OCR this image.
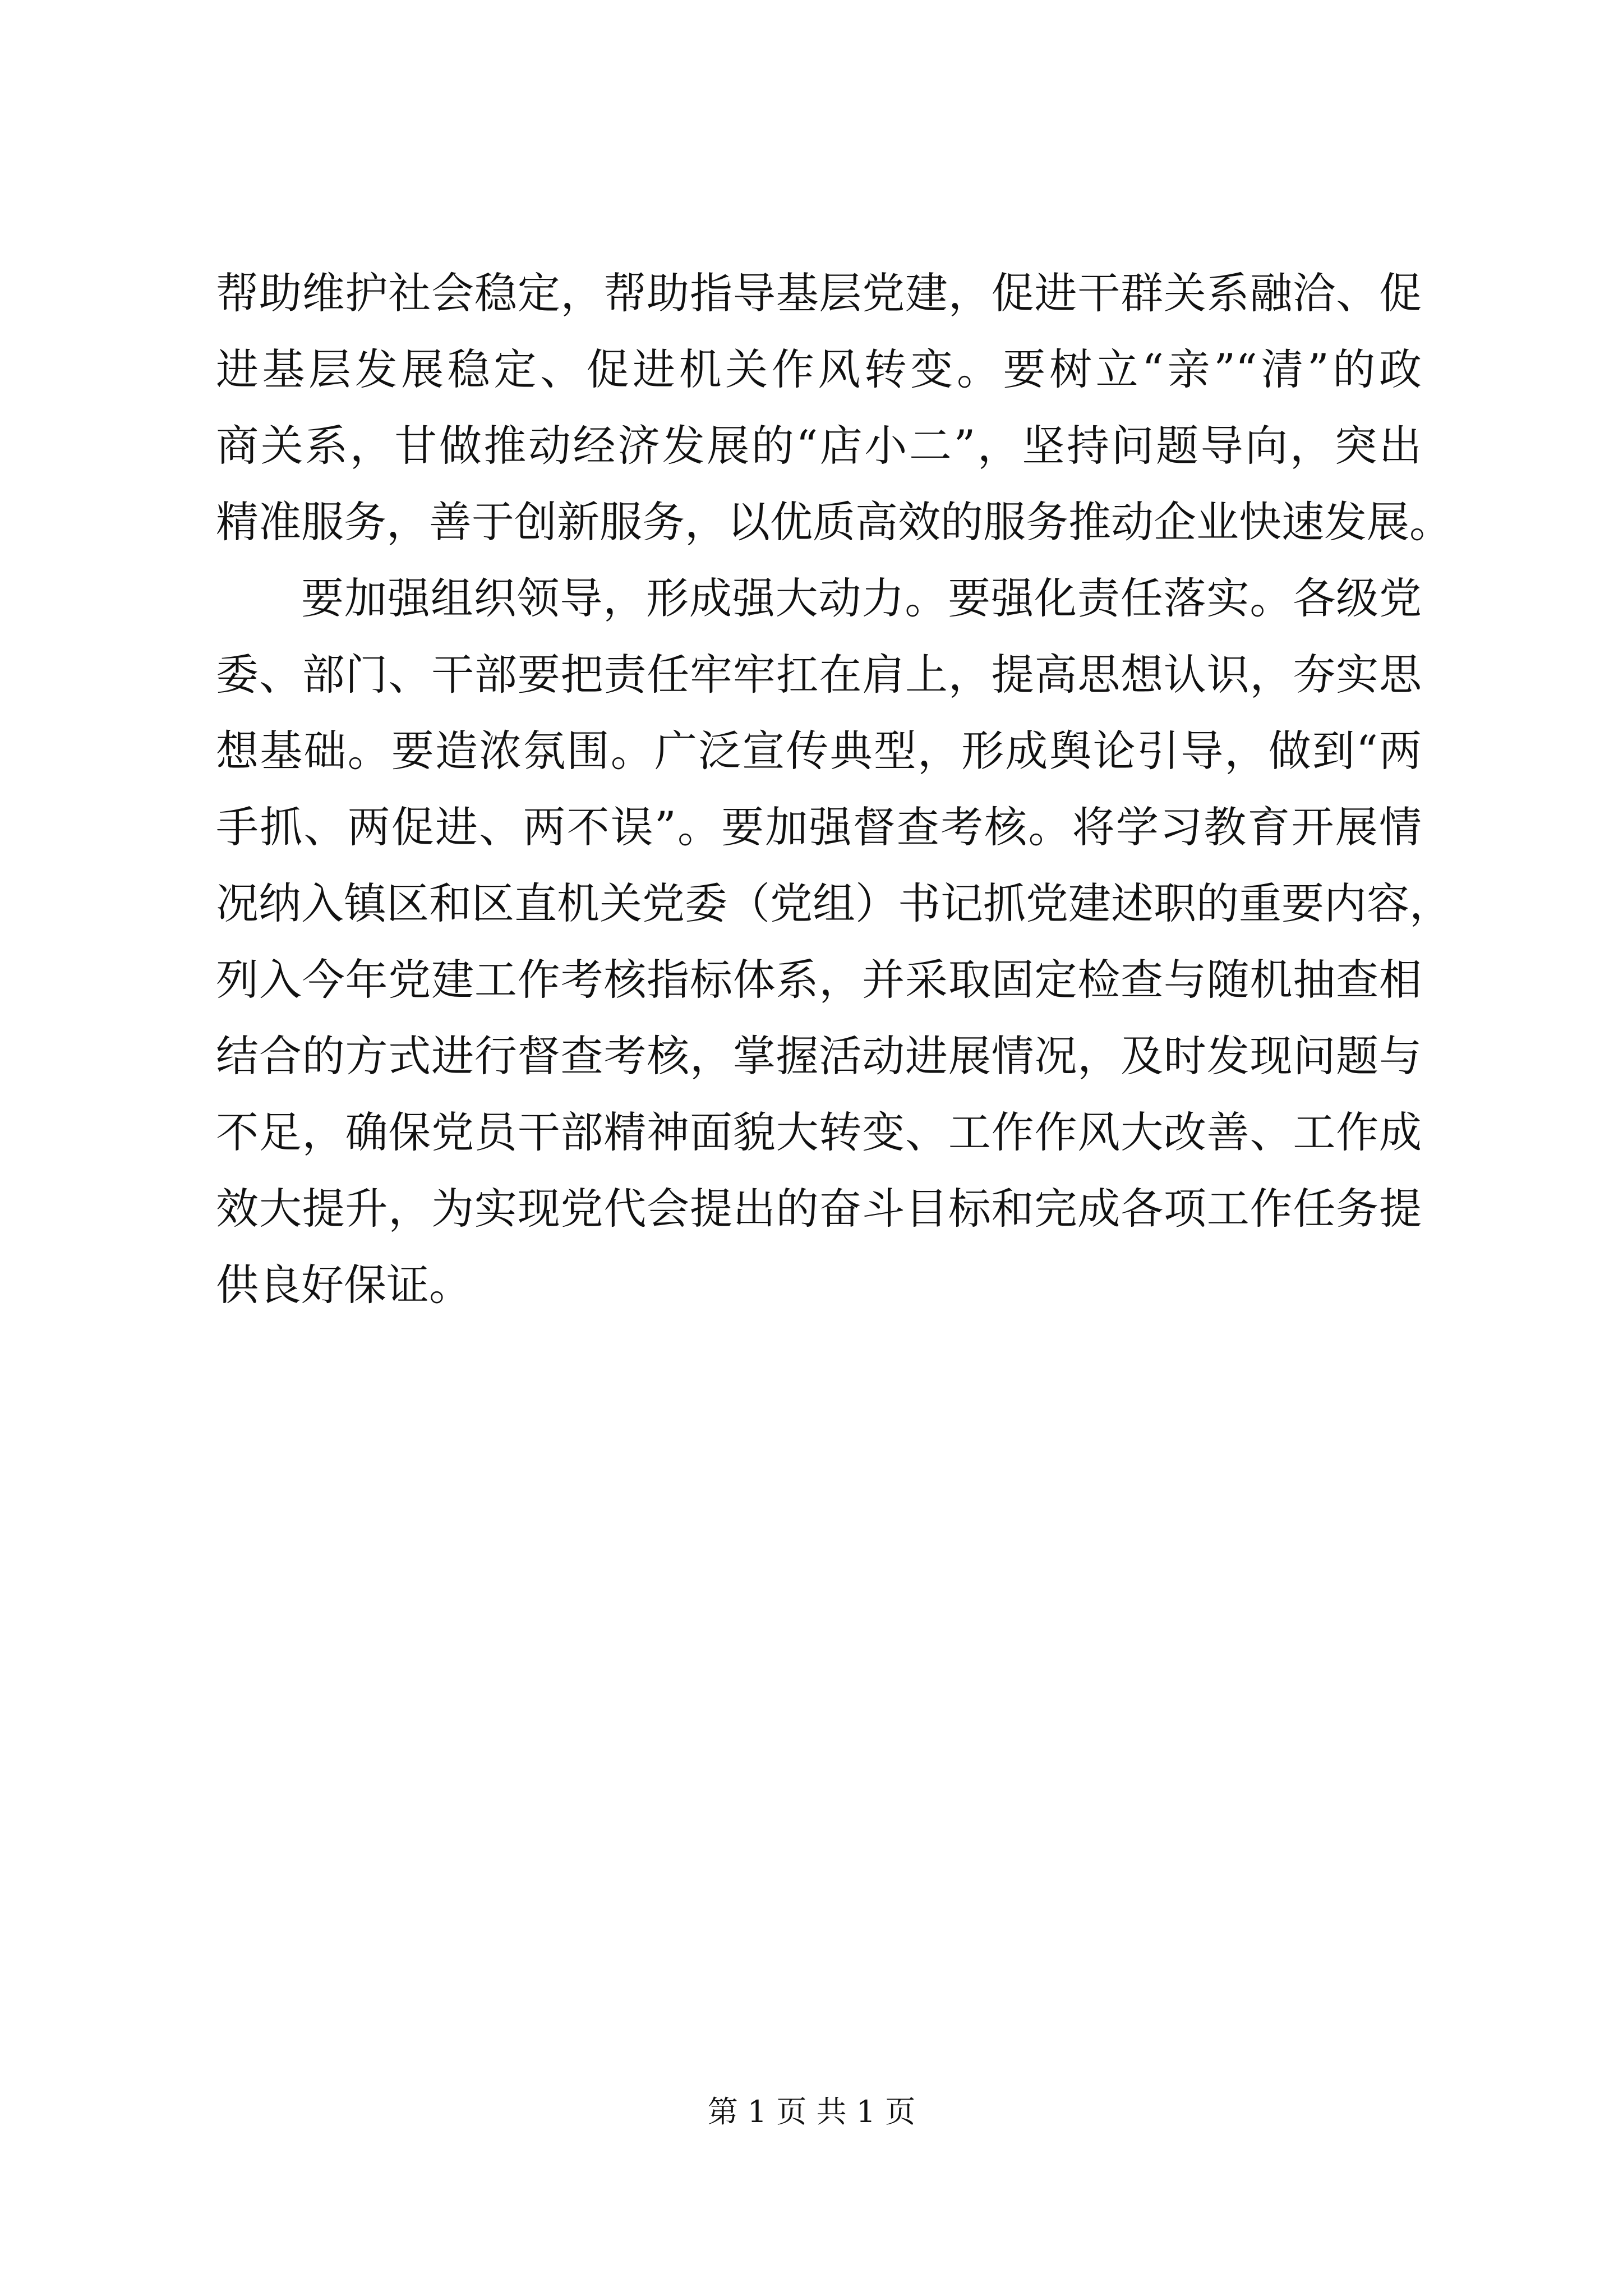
帮助维护社会稳定，帮助指导基层党建，促进干群关系融洽、促
进基层发展稳定、促进机关作风转变。要树立“亲”“清”的政
商关系，甘做推动经济发展的“店小二”，坚持问题导向，突出
精准服务，善于创新服务，以优质高效的服务推动企业快速发展。
要加强组织领导，形成强大动力。要强化责任落实。各级党
委、部门、干部要把责任牢牢扛在肩上，提高思想认识，夯实思
想基础。要造浓氛围。广泛宣传典型，形成舆论引导，做到“两
手抓、两促进、两不误”。要加强督查考核。将学习教育开展情
况纳入镇区和区直机关党委（党组）书记抓党建述职的重要内容，
列入今年党建工作考核指标体系，并采取固定检查与随机抽查相
结合的方式进行督查考核，掌握活动进展情况，及时发现问题与
不足，确保党员干部精神面貌大转变、工作作风大改善、工作成
效大提升，为实现党代会提出的奋斗目标和完成各项工作任务提
供良好保证。
第 1 页 共 1 页
